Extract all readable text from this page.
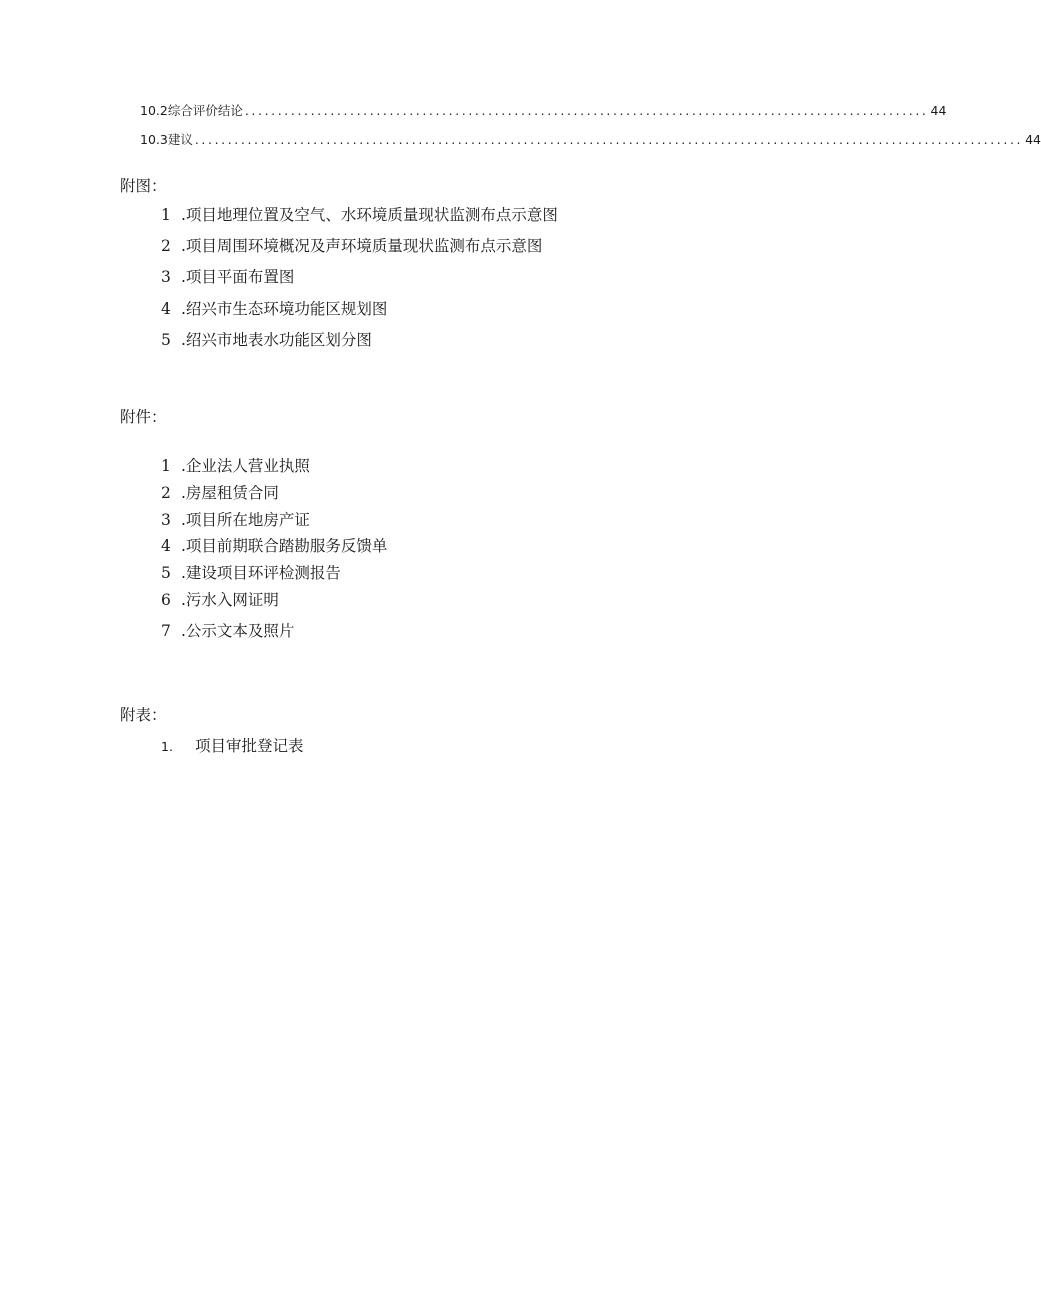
10.2 综合评价结论 ........................................................................................................ 44
10.3 建议 .............................................................................................................................. 44
附图：
1 .项目地理位置及空气、水环境质量现状监测布点示意图
2 .项目周围环境概况及声环境质量现状监测布点示意图
3 .项目平面布置图
4 .绍兴市生态环境功能区规划图
5 .绍兴市地表水功能区划分图
附件：
1 .企业法人营业执照
2 .房屋租赁合同
3 .项目所在地房产证
4 .项目前期联合踏勘服务反馈单
5 .建设项目环评检测报告
6 .污水入网证明
7 .公示文本及照片
附表：
1. 项目审批登记表
